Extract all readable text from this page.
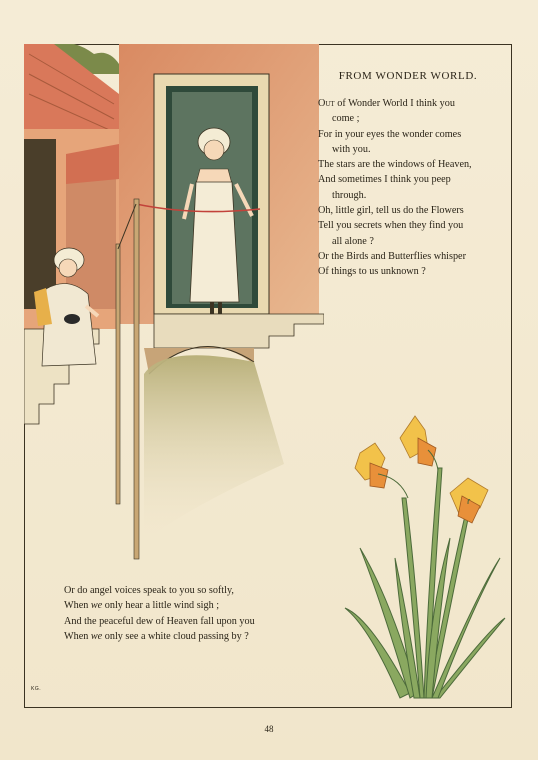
FROM WONDER WORLD.
Out of Wonder World I think you
come ;
For in your eyes the wonder comes
with you.
The stars are the windows of Heaven,
And sometimes I think you peep
through.
Oh, little girl, tell us do the Flowers
Tell you secrets when they find you
all alone ?
Or the Birds and Butterflies whisper
Of things to us unknown ?
Or do angel voices speak to you so softly,
When we only hear a little wind sigh ;
And the peaceful dew of Heaven fall upon you
When we only see a white cloud passing by ?
KG.
48
